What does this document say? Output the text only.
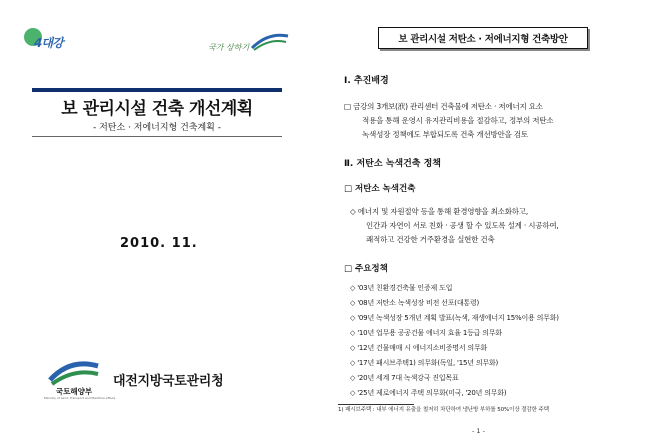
4대강	국가 상하기
보 관리시설 건축 개선계획
- 저탄소 · 저에너지형 건축계획 -
2010. 11.
국토해양부
Ministry of Land, Transport and Maritime Affairs
대전지방국토관리청
보 관리시설 저탄소 · 저에너지형 건축방안
Ⅰ. 추진배경
□ 금강의 3개보(洑) 관리센터 건축물에 저탄소 · 저에너지 요소
적용을 통해 운영시 유지관리비용을 절감하고, 정부의 저탄소
녹색성장 정책에도 부합되도록 건축 개선방안을 검토
Ⅱ. 저탄소 녹색건축 정책
□ 저탄소 녹색건축
◇ 에너지 및 자원절약 등을 통해 환경영향을 최소화하고,
인간과 자연이 서로 친화 · 공생 할 수 있도록 설계 · 시공하여,
쾌적하고 건강한 거주환경을 실현한 건축
□ 주요정책
◇ '03년 친환경건축물 인증제 도입
◇ '08년 저탄소 녹색성장 비전 선포(대통령)
◇ '09년 녹색성장 5개년 계획 발표(녹색, 재생에너지 15%이용 의무화)
◇ '10년 업무용 공공건물 에너지 효율 1등급 의무화
◇ '12년 건물매매 시 에너지소비증명서 의무화
◇ '17년 패시브주택1) 의무화(독일, '15년 의무화)
◇ '20년 세계 7대 녹색강국 진입목표
◇ '25년 제로에너지 주택 의무화(미국, '20년 의무화)
1) 패시브주택 : 내부 에너지 유출을 철저히 차단하여 냉난방 부하를 50%이상 절감한 주택
- 1 -
